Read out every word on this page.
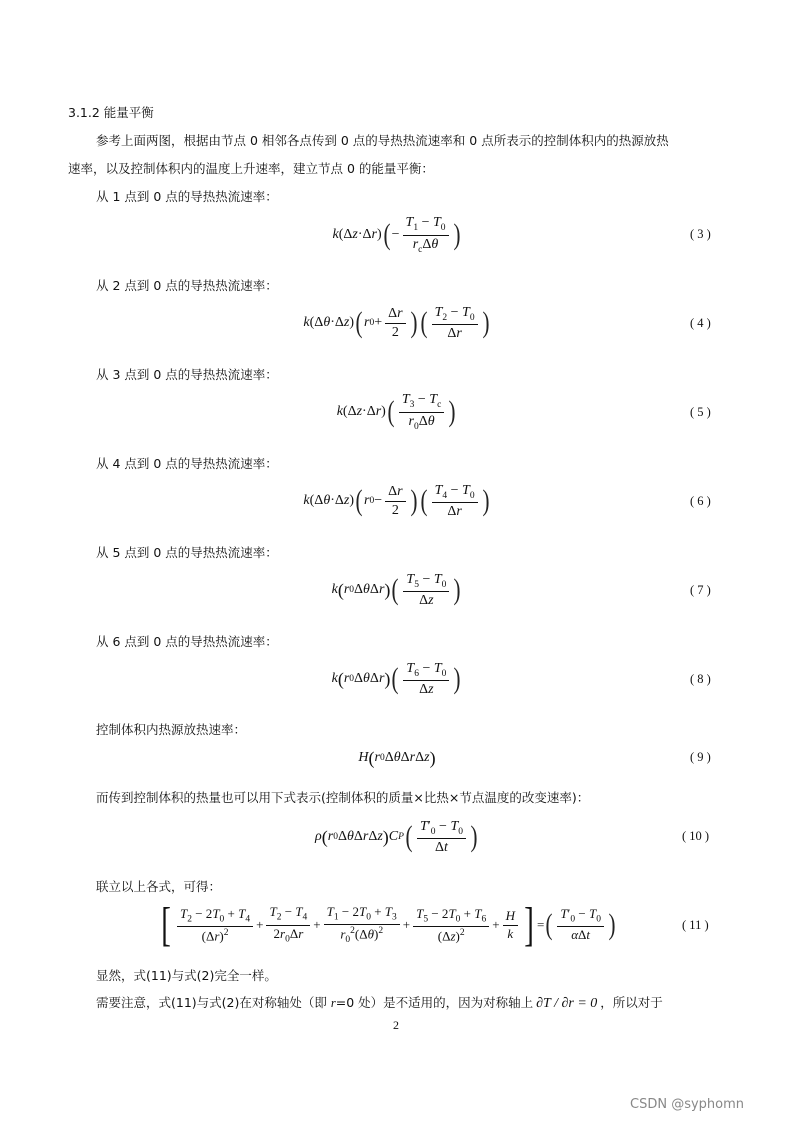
3.1.2 能量平衡
参考上面两图，根据由节点 0 相邻各点传到 0 点的导热热流速率和 0 点所表示的控制体积内的热源放热
速率，以及控制体积内的温度上升速率，建立节点 0 的能量平衡：
从 1 点到 0 点的导热热流速率：
k (Δ z ·Δ r ) ( − $\frac{T_1 - T_0}{r_c\Delta\theta}$ )	( 3 )
从 2 点到 0 点的导热热流速率：
k (Δ θ ·Δ z ) ( r $0 + \frac{\Delta r}{2}$ ) ( $\frac{T_2 - T_0}{\Delta r}$ )	( 4 )
从 3 点到 0 点的导热热流速率：
k (Δ z ·Δ r ) ( $\frac{T_3 - T_c}{r_0\Delta\theta}$ )	( 5 )
从 4 点到 0 点的导热热流速率：
k (Δ θ ·Δ z ) ( r $0 - \frac{\Delta r}{2}$ ) ( $\frac{T_4 - T_0}{\Delta r}$ )	( 6 )
从 5 点到 0 点的导热热流速率：
k ( r 0 Δ θ Δ r ) ( $\frac{T_5 - T_0}{\Delta z}$ )	( 7 )
从 6 点到 0 点的导热热流速率：
k ( r 0 Δ θ Δ r ) ( $\frac{T_6 - T_0}{\Delta z}$ )	( 8 )
控制体积内热源放热速率：
H ( r 0 Δ θ Δ r Δ z )	( 9 )
而传到控制体积的热量也可以用下式表示(控制体积的质量×比热×节点温度的改变速率)：
ρ ( r 0 Δ θ Δ r Δ z ) C P ( $\frac{T'_0 - T_0}{\Delta t}$ )	( 10 )
联立以上各式，可得：
[ $\frac{T_2 - 2T_0 + T_4}{(\Delta r)^2} + \frac{T_2 - T_4}{2r_0\Delta r} + \frac{T_1 - 2T_0 + T_3}{r_0^2(\Delta\theta)^2} + \frac{T_5 - 2T_0 + T_6}{(\Delta z)^2} + \frac{H}{k}$ ] = ( $\frac{T'_0 - T_0}{\text{αΔt}}$ )	( 11 )
显然，式(11)与式(2)完全一样。
需要注意，式(11)与式(2)在对称轴处（即 r=0 处）是不适用的，因为对称轴上 ∂T / ∂r = 0 ，所以对于
2
CSDN @syphomn
